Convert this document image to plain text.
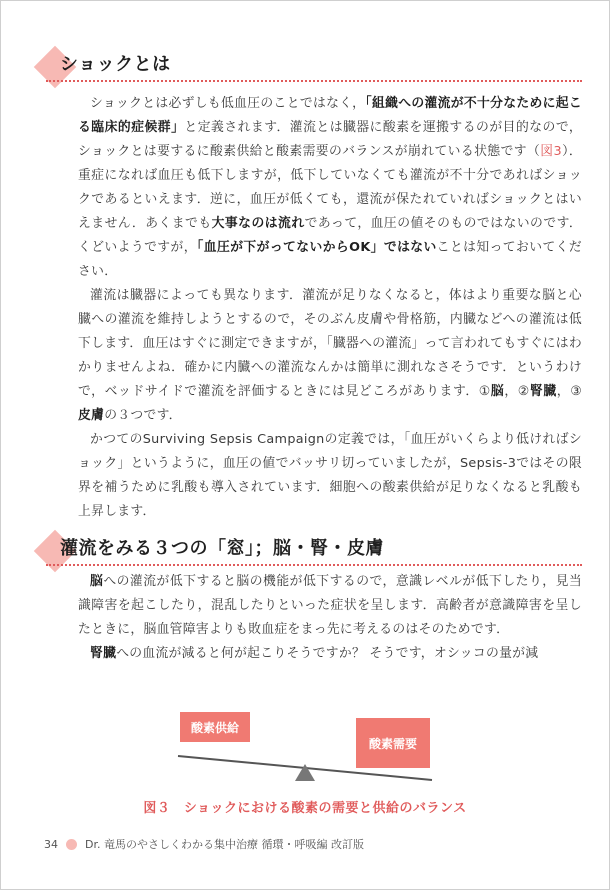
ショックとは
ショックとは必ずしも低血圧のことではなく，「組織への灌流が不十分なために起こる臨床的症候群」と定義されます．灌流とは臓器に酸素を運搬するのが目的なので，ショックとは要するに酸素供給と酸素需要のバランスが崩れている状態です（図3）．重症になれば血圧も低下しますが，低下していなくても灌流が不十分であればショックであるといえます．逆に，血圧が低くても，還流が保たれていればショックとはいえません．あくまでも大事なのは流れであって，血圧の値そのものではないのです．くどいようですが，「血圧が下がってないからOK」ではないことは知っておいてください．
灌流は臓器によっても異なります．灌流が足りなくなると，体はより重要な脳と心臓への灌流を維持しようとするので，そのぶん皮膚や骨格筋，内臓などへの灌流は低下します．血圧はすぐに測定できますが，「臓器への灌流」って言われてもすぐにはわかりませんよね．確かに内臓への灌流なんかは簡単に測れなさそうです．というわけで，ベッドサイドで灌流を評価するときには見どころがあります．①脳，②腎臓，③皮膚の３つです．
かつてのSurviving Sepsis Campaignの定義では，「血圧がいくらより低ければショック」というように，血圧の値でバッサリ切っていましたが，Sepsis-3ではその限界を補うために乳酸も導入されています．細胞への酸素供給が足りなくなると乳酸も上昇します．
灌流をみる３つの「窓」；脳・腎・皮膚
脳への灌流が低下すると脳の機能が低下するので，意識レベルが低下したり，見当識障害を起こしたり，混乱したりといった症状を呈します．高齢者が意識障害を呈したときに，脳血管障害よりも敗血症をまっ先に考えるのはそのためです．
腎臓への血流が減ると何が起こりそうですか？ そうです，オシッコの量が減
酸素供給
酸素需要
図３　ショックにおける酸素の需要と供給のバランス
34 Dr. 竜馬のやさしくわかる集中治療 循環・呼吸編 改訂版
